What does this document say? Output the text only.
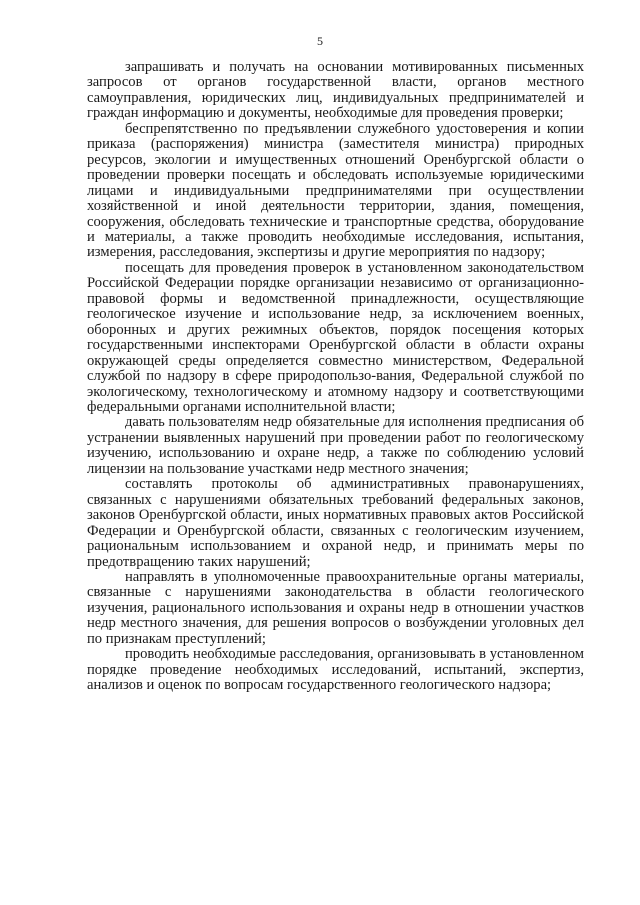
5

запрашивать и получать на основании мотивированных письменных запросов от органов государственной власти, органов местного самоуправления, юридических лиц, индивидуальных предпринимателей и граждан информацию и документы, необходимые для проведения проверки;

беспрепятственно по предъявлении служебного удостоверения и копии приказа (распоряжения) министра (заместителя министра) природных ресурсов, экологии и имущественных отношений Оренбургской области о проведении проверки посещать и обследовать используемые юридическими лицами и индивидуальными предпринимателями при осуществлении хозяйственной и иной деятельности территории, здания, помещения, сооружения, обследовать технические и транспортные средства, оборудование и материалы, а также проводить необходимые исследования, испытания, измерения, расследования, экспертизы и другие мероприятия по надзору;

посещать для проведения проверок в установленном законодательством Российской Федерации порядке организации независимо от организационно-правовой формы и ведомственной принадлежности, осуществляющие геологическое изучение и использование недр, за исключением военных, оборонных и других режимных объектов, порядок посещения которых государственными инспекторами Оренбургской области в области охраны окружающей среды определяется совместно министерством, Федеральной службой по надзору в сфере природопользо-вания, Федеральной службой по экологическому, технологическому и атомному надзору и соответствующими федеральными органами исполнительной власти;

давать пользователям недр обязательные для исполнения предписания об устранении выявленных нарушений при проведении работ по геологическому изучению, использованию и охране недр, а также по соблюдению условий лицензии на пользование участками недр местного значения;

составлять протоколы об административных правонарушениях, связанных с нарушениями обязательных требований федеральных законов, законов Оренбургской области, иных нормативных правовых актов Российской Федерации и Оренбургской области, связанных с геологическим изучением, рациональным использованием и охраной недр, и принимать меры по предотвращению таких нарушений;

направлять в уполномоченные правоохранительные органы материалы, связанные с нарушениями законодательства в области геологического изучения, рационального использования и охраны недр в отношении участков недр местного значения, для решения вопросов о возбуждении уголовных дел по признакам преступлений;

проводить необходимые расследования, организовывать в установленном порядке проведение необходимых исследований, испытаний, экспертиз, анализов и оценок по вопросам государственного геологического надзора;
